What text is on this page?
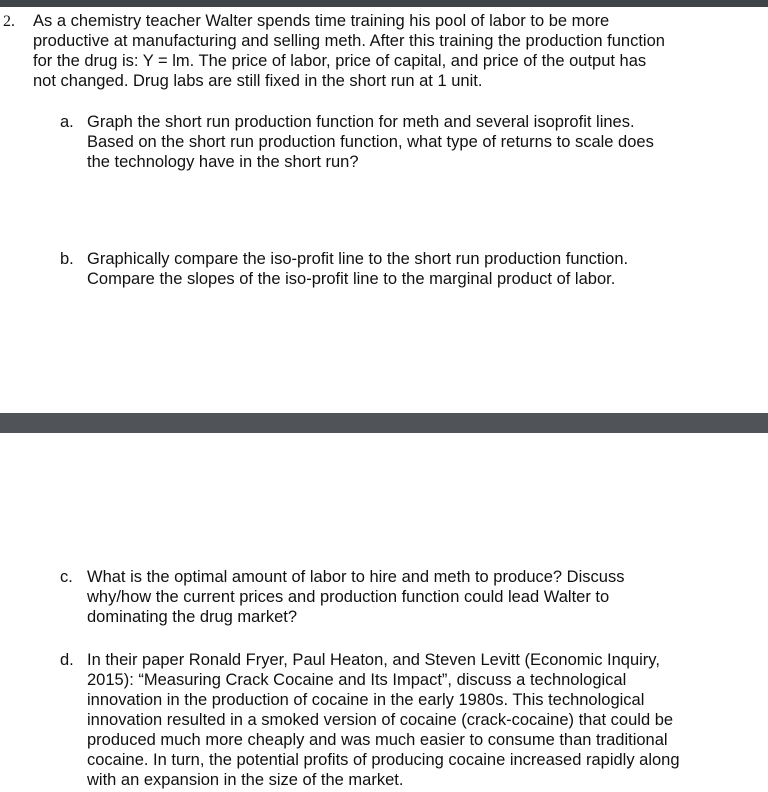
2. As a chemistry teacher Walter spends time training his pool of labor to be more
productive at manufacturing and selling meth. After this training the production function
for the drug is: Y = lm. The price of labor, price of capital, and price of the output has
not changed. Drug labs are still fixed in the short run at 1 unit.
a. Graph the short run production function for meth and several isoprofit lines.
Based on the short run production function, what type of returns to scale does
the technology have in the short run?
b. Graphically compare the iso-profit line to the short run production function.
Compare the slopes of the iso-profit line to the marginal product of labor.
c. What is the optimal amount of labor to hire and meth to produce? Discuss
why/how the current prices and production function could lead Walter to
dominating the drug market?
d. In their paper Ronald Fryer, Paul Heaton, and Steven Levitt (Economic Inquiry,
2015): “Measuring Crack Cocaine and Its Impact”, discuss a technological
innovation in the production of cocaine in the early 1980s. This technological
innovation resulted in a smoked version of cocaine (crack-cocaine) that could be
produced much more cheaply and was much easier to consume than traditional
cocaine. In turn, the potential profits of producing cocaine increased rapidly along
with an expansion in the size of the market.
